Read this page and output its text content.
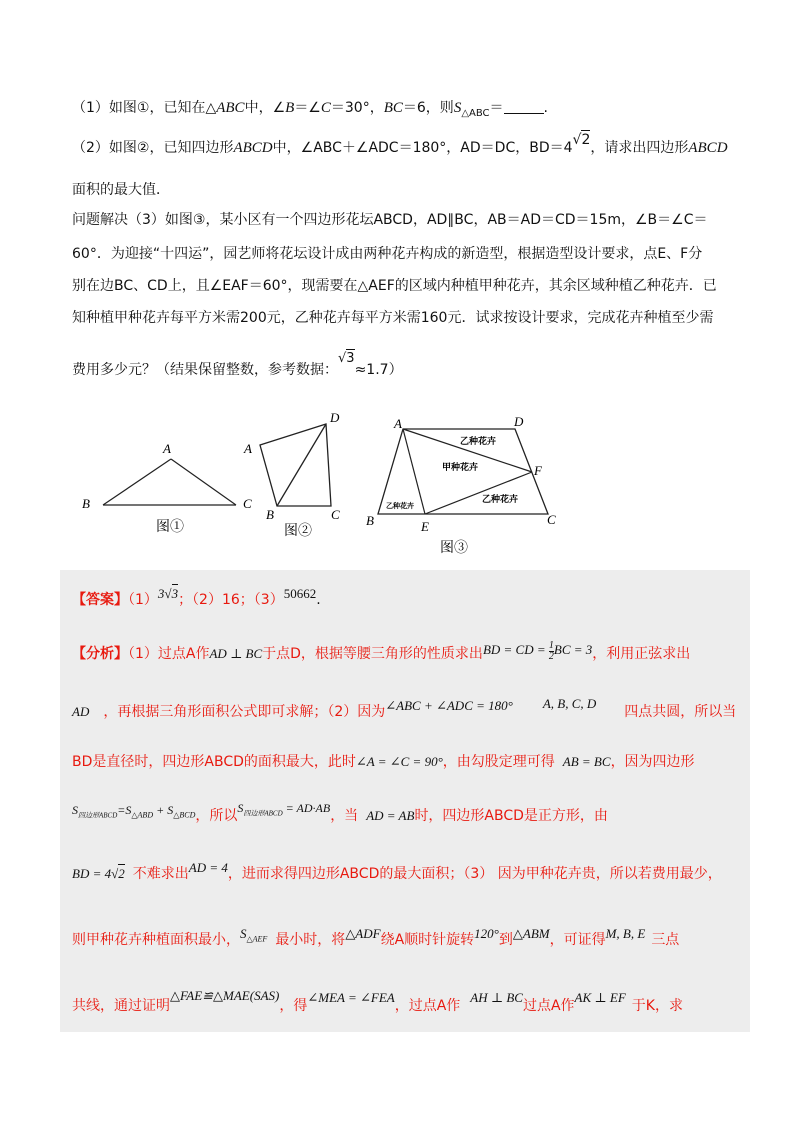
（1）如图①，已知在△ABC中，∠B＝∠C＝30°，BC＝6，则$S_{\triangle ABC}=$	.
（2）如图②，已知四边形ABCD中，∠ABC＋∠ADC＝180°，AD＝DC，BD＝4√2，请求出四边形ABCD
面积的最大值．
问题解决（3）如图③，某小区有一个四边形花坛ABCD，AD∥BC，AB＝AD＝CD＝15m，∠B＝∠C＝
60°．为迎接“十四运”，园艺师将花坛设计成由两种花卉构成的新造型，根据造型设计要求，点E、F分
别在边BC、CD上，且∠EAF＝60°，现需要在△AEF的区域内种植甲种花卉，其余区域种植乙种花卉．已
知种植甲种花卉每平方米需200元，乙种花卉每平方米需160元．试求按设计要求，完成花卉种植至少需
费用多少元？（结果保留整数，参考数据：√3≈1.7）
A
B	C
图①
D
A
B	C
图②
A	D
F
B	E	C
乙种花卉
甲种花卉
乙种花卉
乙种花卉
图③
【答案】（1）3√3；（2）16；（3）50662.
【分析】（1）过点A作AD ⊥ BC于点D，根据等腰三角形的性质求出BD = CD = $\frac{1}{2}$ BC = 3，利用正弦求出
AD ，再根据三角形面积公式即可求解；（2）因为∠ABC + ∠ADC = 180° A, B, C, D四点共圆，所以当
BD是直径时，四边形ABCD的面积最大，此时∠A = ∠C = 90°，由勾股定理可得 AB = BC，因为四边形
$S_{四边形ABCD}=S_{\triangle ABD} + S_{\triangle BCD}$，所以$S_{四边形ABCD} = AD\cdot AB$，当 AD = AB时，四边形ABCD是正方形，由
BD = 4√2 不难求出AD = 4，进而求得四边形ABCD的最大面积；（3） 因为甲种花卉贵，所以若费用最少，
则甲种花卉种植面积最小，$S_{\triangle AEF}$ 最小时，将△ADF绕A顺时针旋转120°到△ABM，可证得M, B, E 三点
共线，通过证明△FAE≌△MAE(SAS)，得∠MEA = ∠FEA，过点A作AH ⊥ BC过点A作AK ⊥ EF于K，求
